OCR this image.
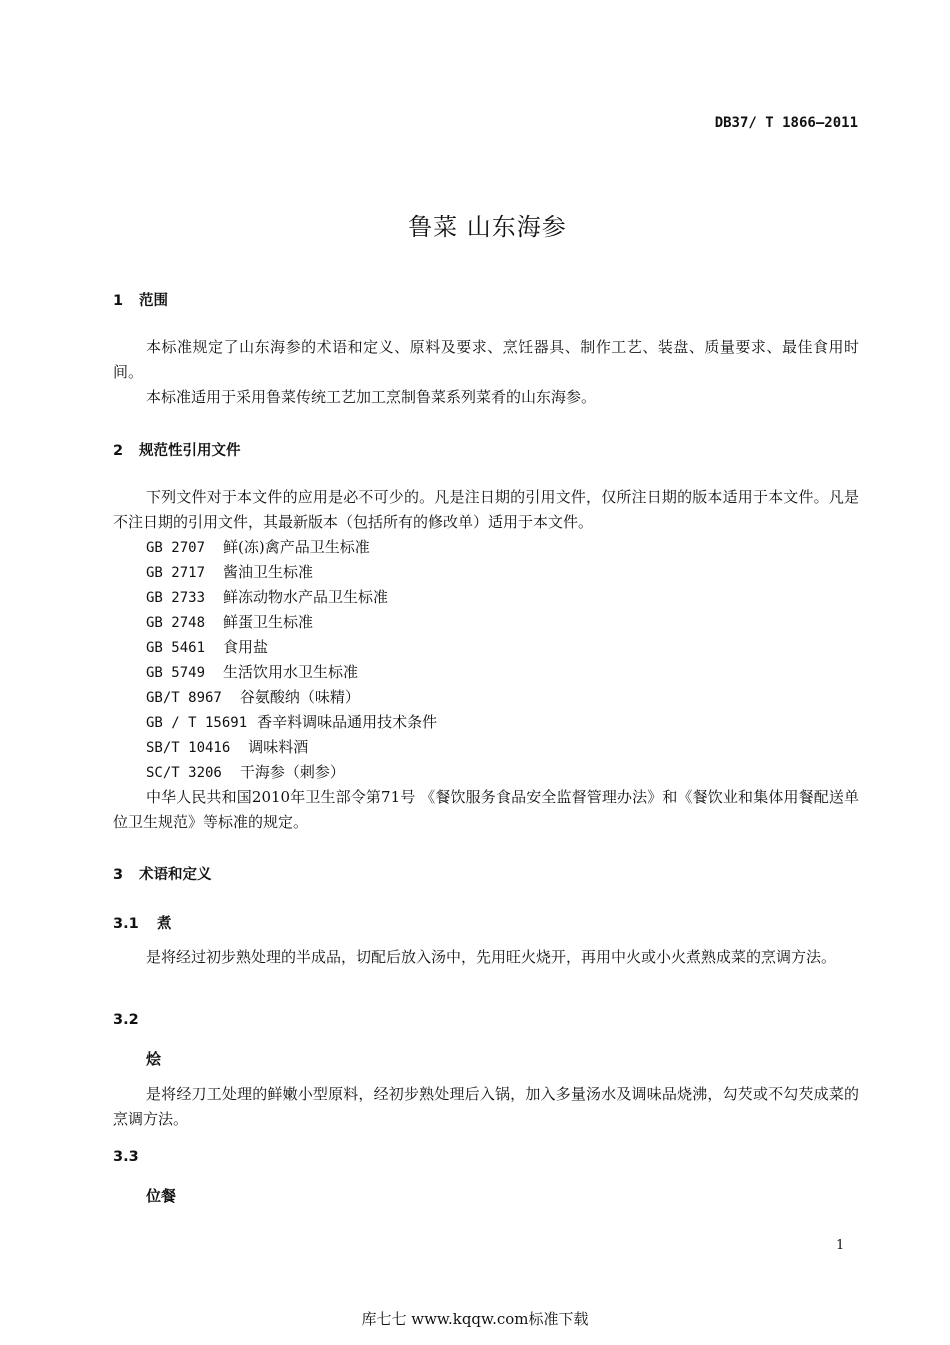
DB37/ T 1866—2011
鲁菜 山东海参
1 范围
本标准规定了山东海参的术语和定义、原料及要求、烹饪器具、制作工艺、装盘、质量要求、最佳食用时间。
本标准适用于采用鲁菜传统工艺加工烹制鲁菜系列菜肴的山东海参。
2 规范性引用文件
下列文件对于本文件的应用是必不可少的。凡是注日期的引用文件，仅所注日期的版本适用于本文件。凡是不注日期的引用文件，其最新版本（包括所有的修改单）适用于本文件。
GB 2707 鲜(冻)禽产品卫生标准
GB 2717 酱油卫生标准
GB 2733 鲜冻动物水产品卫生标准
GB 2748 鲜蛋卫生标准
GB 5461 食用盐
GB 5749 生活饮用水卫生标准
GB/T 8967 谷氨酸纳（味精）
GB / T 15691 香辛料调味品通用技术条件
SB/T 10416 调味料酒
SC/T 3206 干海参（刺参）
中华人民共和国2010年卫生部令第71号 《餐饮服务食品安全监督管理办法》和《餐饮业和集体用餐配送单位卫生规范》等标准的规定。
3 术语和定义
3.1 煮
是将经过初步熟处理的半成品，切配后放入汤中，先用旺火烧开，再用中火或小火煮熟成菜的烹调方法。
3.2
烩
是将经刀工处理的鲜嫩小型原料，经初步熟处理后入锅，加入多量汤水及调味品烧沸，勾芡或不勾芡成菜的烹调方法。
3.3
位餐
1
库七七 www.kqqw.com标准下载
